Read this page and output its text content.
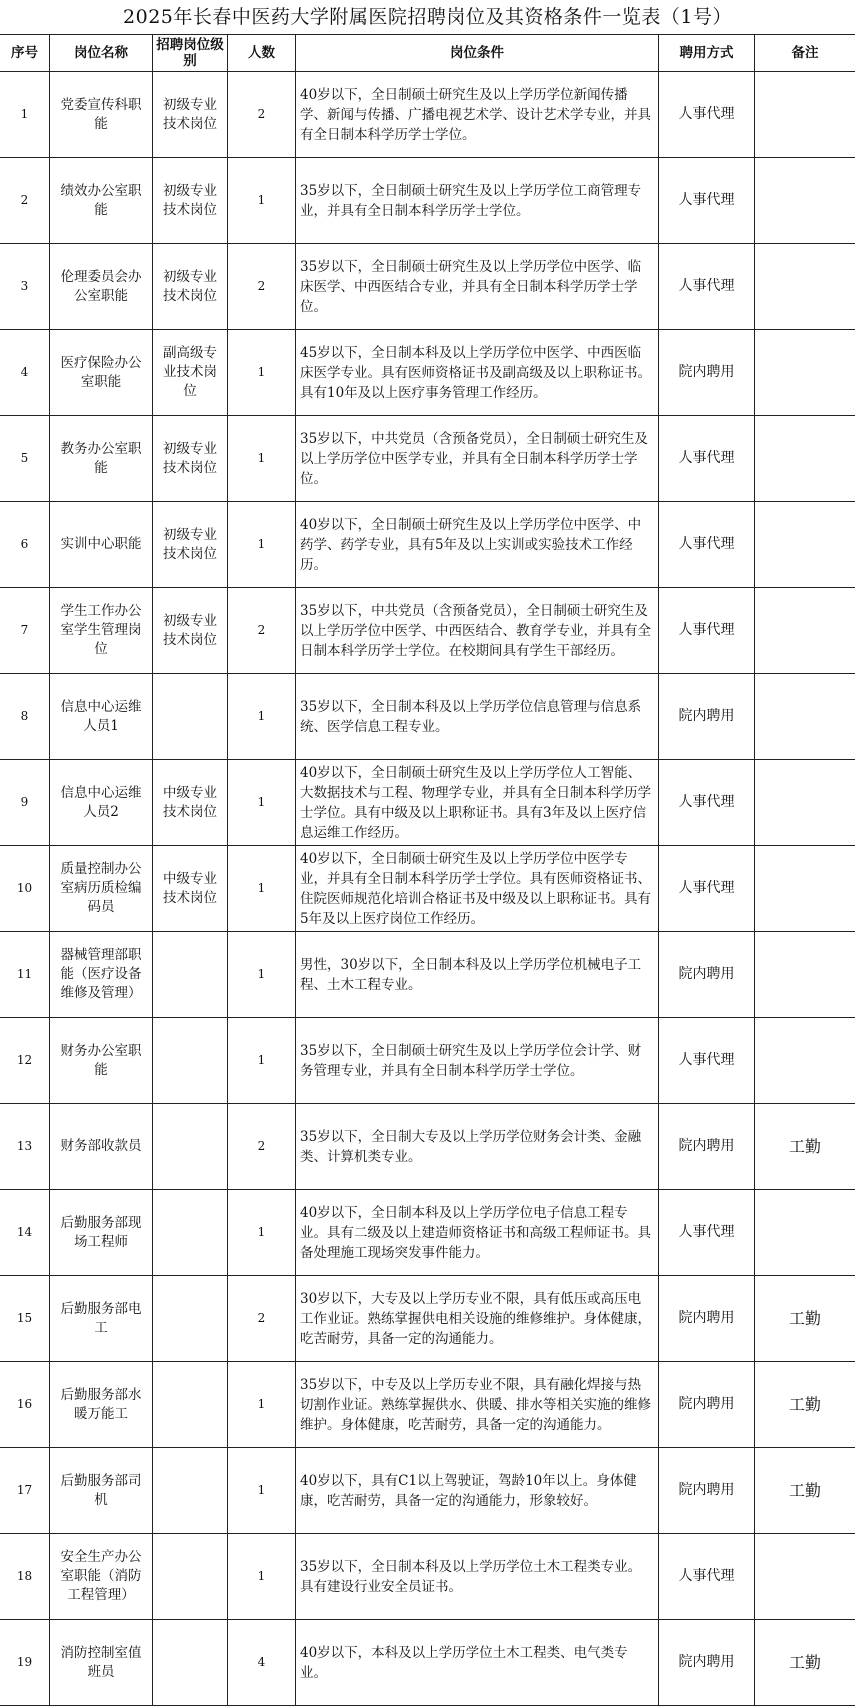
2025年长春中医药大学附属医院招聘岗位及其资格条件一览表（1号）
序号	岗位名称	招聘岗位级别	人数	岗位条件	聘用方式	备注
1	党委宣传科职能	初级专业技术岗位	2	40岁以下，全日制硕士研究生及以上学历学位新闻传播学、新闻与传播、广播电视艺术学、设计艺术学专业，并具有全日制本科学历学士学位。	人事代理	
2	绩效办公室职能	初级专业技术岗位	1	35岁以下，全日制硕士研究生及以上学历学位工商管理专业，并具有全日制本科学历学士学位。	人事代理	
3	伦理委员会办公室职能	初级专业技术岗位	2	35岁以下，全日制硕士研究生及以上学历学位中医学、临床医学、中西医结合专业，并具有全日制本科学历学士学位。	人事代理	
4	医疗保险办公室职能	副高级专业技术岗位	1	45岁以下，全日制本科及以上学历学位中医学、中西医临床医学专业。具有医师资格证书及副高级及以上职称证书。具有10年及以上医疗事务管理工作经历。	院内聘用	
5	教务办公室职能	初级专业技术岗位	1	35岁以下，中共党员（含预备党员），全日制硕士研究生及以上学历学位中医学专业，并具有全日制本科学历学士学位。	人事代理	
6	实训中心职能	初级专业技术岗位	1	40岁以下，全日制硕士研究生及以上学历学位中医学、中药学、药学专业，具有5年及以上实训或实验技术工作经历。	人事代理	
7	学生工作办公室学生管理岗位	初级专业技术岗位	2	35岁以下，中共党员（含预备党员），全日制硕士研究生及以上学历学位中医学、中西医结合、教育学专业，并具有全日制本科学历学士学位。在校期间具有学生干部经历。	人事代理	
8	信息中心运维人员1		1	35岁以下，全日制本科及以上学历学位信息管理与信息系统、医学信息工程专业。	院内聘用	
9	信息中心运维人员2	中级专业技术岗位	1	40岁以下，全日制硕士研究生及以上学历学位人工智能、大数据技术与工程、物理学专业，并具有全日制本科学历学士学位。具有中级及以上职称证书。具有3年及以上医疗信息运维工作经历。	人事代理	
10	质量控制办公室病历质检编码员	中级专业技术岗位	1	40岁以下，全日制硕士研究生及以上学历学位中医学专业，并具有全日制本科学历学士学位。具有医师资格证书、住院医师规范化培训合格证书及中级及以上职称证书。具有5年及以上医疗岗位工作经历。	人事代理	
11	器械管理部职能（医疗设备维修及管理）		1	男性，30岁以下，全日制本科及以上学历学位机械电子工程、土木工程专业。	院内聘用	
12	财务办公室职能		1	35岁以下，全日制硕士研究生及以上学历学位会计学、财务管理专业，并具有全日制本科学历学士学位。	人事代理	
13	财务部收款员		2	35岁以下，全日制大专及以上学历学位财务会计类、金融类、计算机类专业。	院内聘用	工勤
14	后勤服务部现场工程师		1	40岁以下，全日制本科及以上学历学位电子信息工程专业。具有二级及以上建造师资格证书和高级工程师证书。具备处理施工现场突发事件能力。	人事代理	
15	后勤服务部电工		2	30岁以下，大专及以上学历专业不限，具有低压或高压电工作业证。熟练掌握供电相关设施的维修维护。身体健康，吃苦耐劳，具备一定的沟通能力。	院内聘用	工勤
16	后勤服务部水暖万能工		1	35岁以下，中专及以上学历专业不限，具有融化焊接与热切割作业证。熟练掌握供水、供暖、排水等相关实施的维修维护。身体健康，吃苦耐劳，具备一定的沟通能力。	院内聘用	工勤
17	后勤服务部司机		1	40岁以下，具有C1以上驾驶证，驾龄10年以上。身体健康，吃苦耐劳，具备一定的沟通能力，形象较好。	院内聘用	工勤
18	安全生产办公室职能（消防工程管理）		1	35岁以下，全日制本科及以上学历学位土木工程类专业。具有建设行业安全员证书。	人事代理	
19	消防控制室值班员		4	40岁以下，本科及以上学历学位土木工程类、电气类专业。	院内聘用	工勤
